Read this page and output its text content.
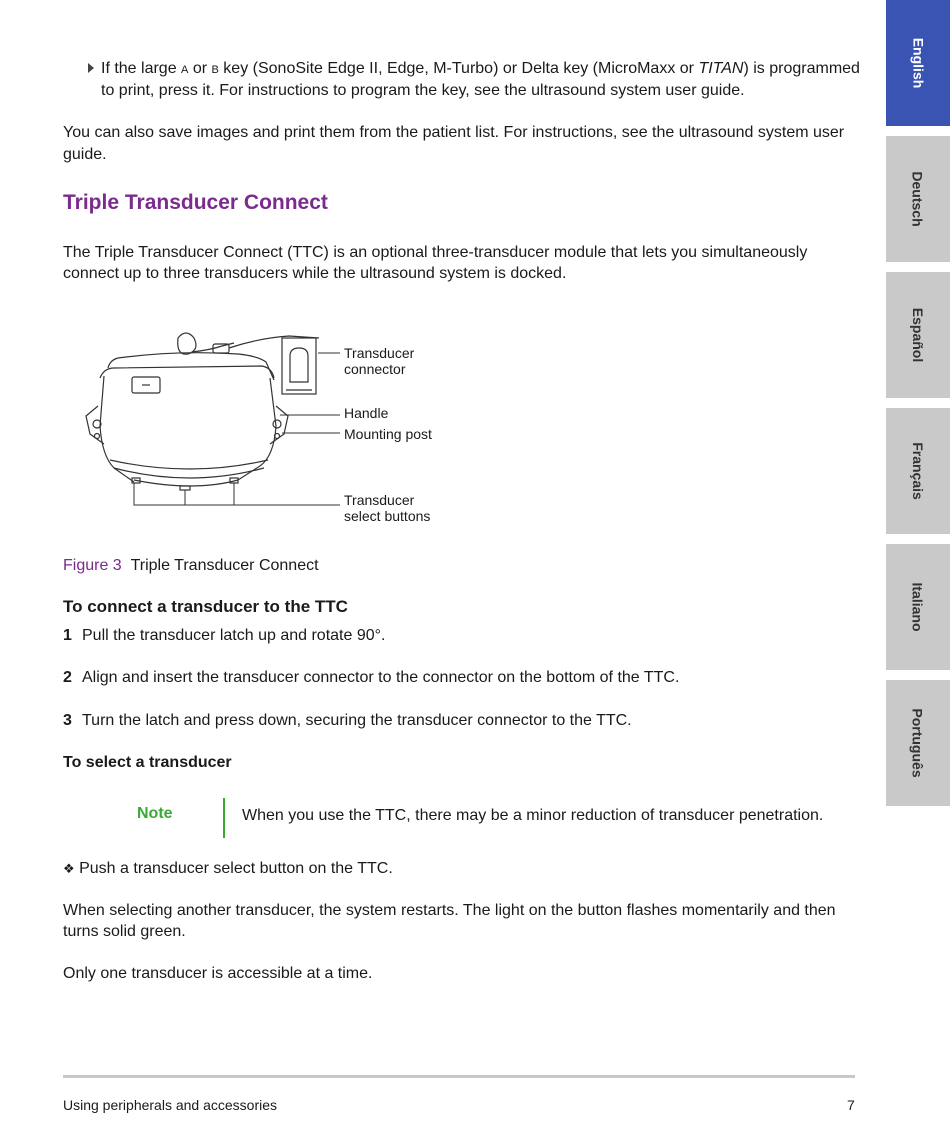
If the large A or B key (SonoSite Edge II, Edge, M-Turbo) or Delta key (MicroMaxx or TITAN) is programmed
to print, press it. For instructions to program the key, see the ultrasound system user guide.
You can also save images and print them from the patient list. For instructions, see the ultrasound system user
guide.
Triple Transducer Connect
The Triple Transducer Connect (TTC) is an optional three-transducer module that lets you simultaneously
connect up to three transducers while the ultrasound system is docked.
Transducer
connector
Handle
Mounting post
Transducer
select buttons
Figure 3 Triple Transducer Connect
To connect a transducer to the TTC
1 Pull the transducer latch up and rotate 90°.
2 Align and insert the transducer connector to the connector on the bottom of the TTC.
3 Turn the latch and press down, securing the transducer connector to the TTC.
To select a transducer
Note	When you use the TTC, there may be a minor reduction of transducer penetration.
❖ Push a transducer select button on the TTC.
When selecting another transducer, the system restarts. The light on the button flashes momentarily and then
turns solid green.
Only one transducer is accessible at a time.
Using peripherals and accessories	7
English
Deutsch
Español
Français
Italiano
Português
